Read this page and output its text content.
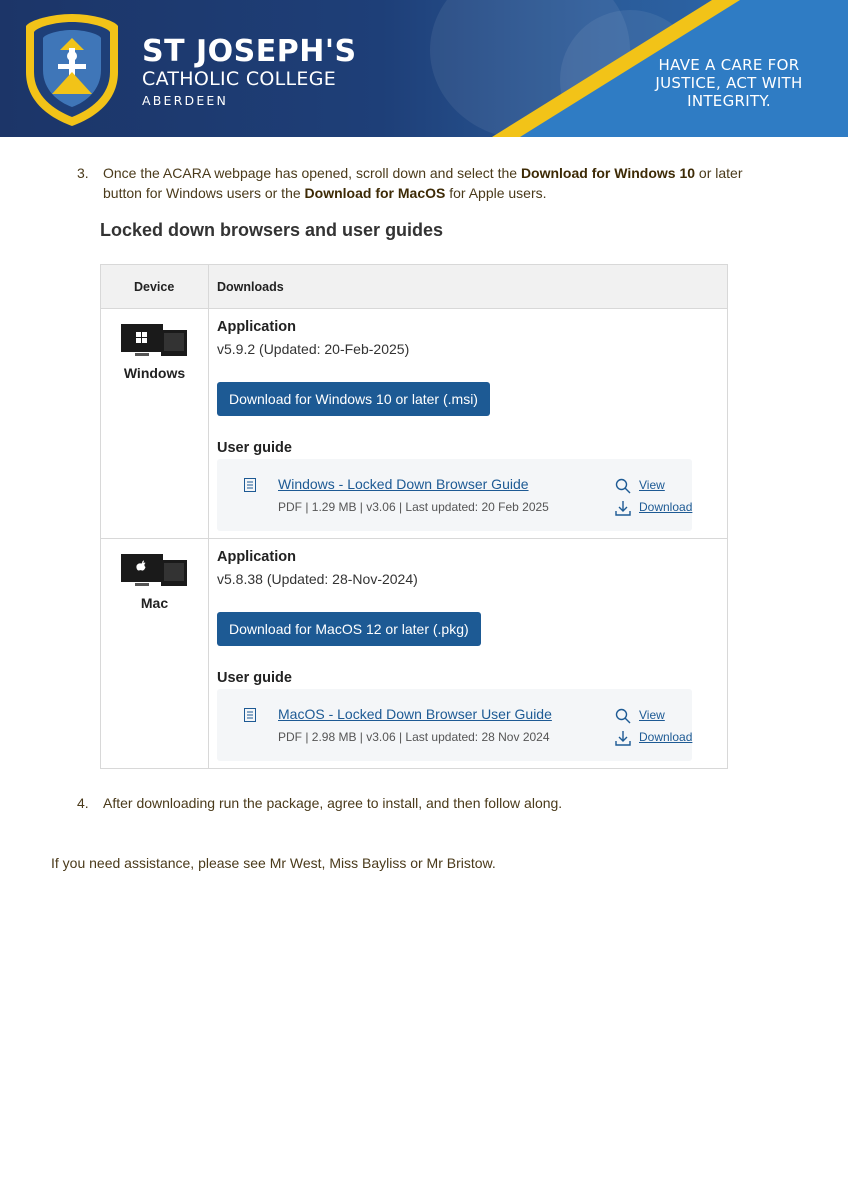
ST JOSEPH'S
CATHOLIC COLLEGE
ABERDEEN
HAVE A CARE FOR
JUSTICE, ACT WITH
INTEGRITY.
3. Once the ACARA webpage has opened, scroll down and select the Download for Windows 10 or later
button for Windows users or the Download for MacOS for Apple users.
Locked down browsers and user guides
Device	Downloads
Windows
Application
v5.9.2 (Updated: 20-Feb-2025)
Download for Windows 10 or later (.msi)
User guide
Windows - Locked Down Browser Guide
PDF | 1.29 MB | v3.06 | Last updated: 20 Feb 2025
View
Download
Mac
Application
v5.8.38 (Updated: 28-Nov-2024)
Download for MacOS 12 or later (.pkg)
User guide
MacOS - Locked Down Browser User Guide
PDF | 2.98 MB | v3.06 | Last updated: 28 Nov 2024
View
Download
4. After downloading run the package, agree to install, and then follow along.
If you need assistance, please see Mr West, Miss Bayliss or Mr Bristow.
